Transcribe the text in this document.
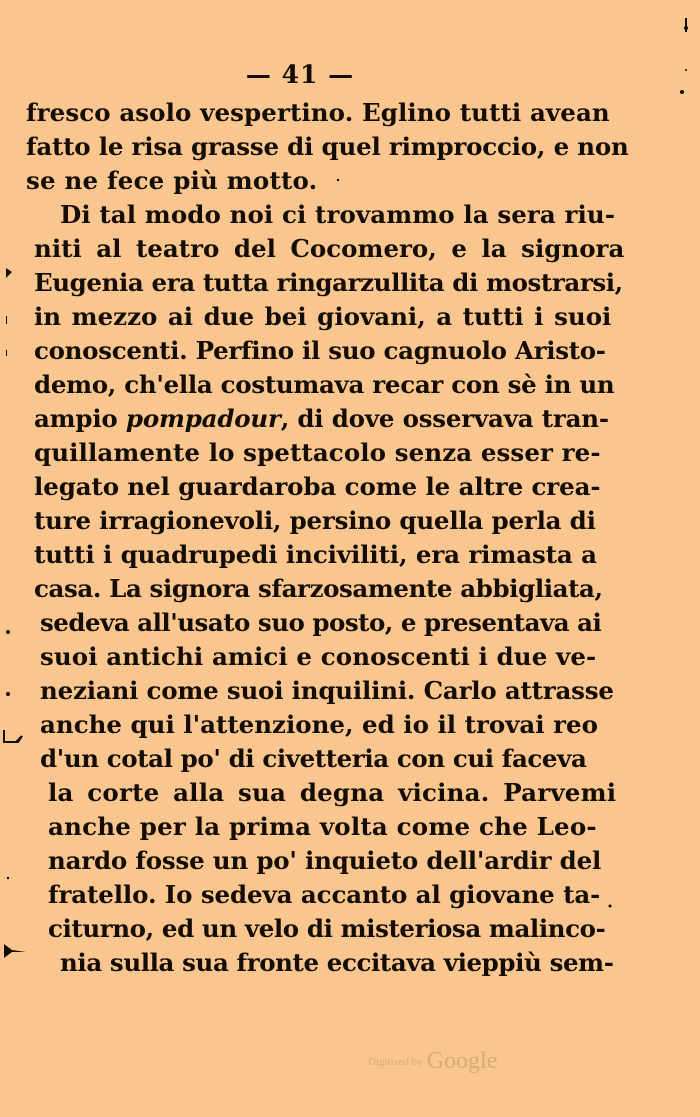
— 41 —
fresco asolo vespertino. Eglino tutti avean
fatto le risa grasse di quel rimproccio, e non
se ne fece più motto.
Di tal modo noi ci trovammo la sera riu-
niti al teatro del Cocomero, e la signora
Eugenia era tutta ringarzullita di mostrarsi,
in mezzo ai due bei giovani, a tutti i suoi
conoscenti. Perfino il suo cagnuolo Aristo-
demo, ch'ella costumava recar con sè in un
ampio pompadour, di dove osservava tran-
quillamente lo spettacolo senza esser re-
legato nel guardaroba come le altre crea-
ture irragionevoli, persino quella perla di
tutti i quadrupedi inciviliti, era rimasta a
casa. La signora sfarzosamente abbigliata,
sedeva all'usato suo posto, e presentava ai
suoi antichi amici e conoscenti i due ve-
neziani come suoi inquilini. Carlo attrasse
anche qui l'attenzione, ed io il trovai reo
d'un cotal po' di civetteria con cui faceva
la corte alla sua degna vicina. Parvemi
anche per la prima volta come che Leo-
nardo fosse un po' inquieto dell'ardir del
fratello. Io sedeva accanto al giovane ta-
citurno, ed un velo di misteriosa malinco-
nia sulla sua fronte eccitava vieppiù sem-
Digitized by Google
